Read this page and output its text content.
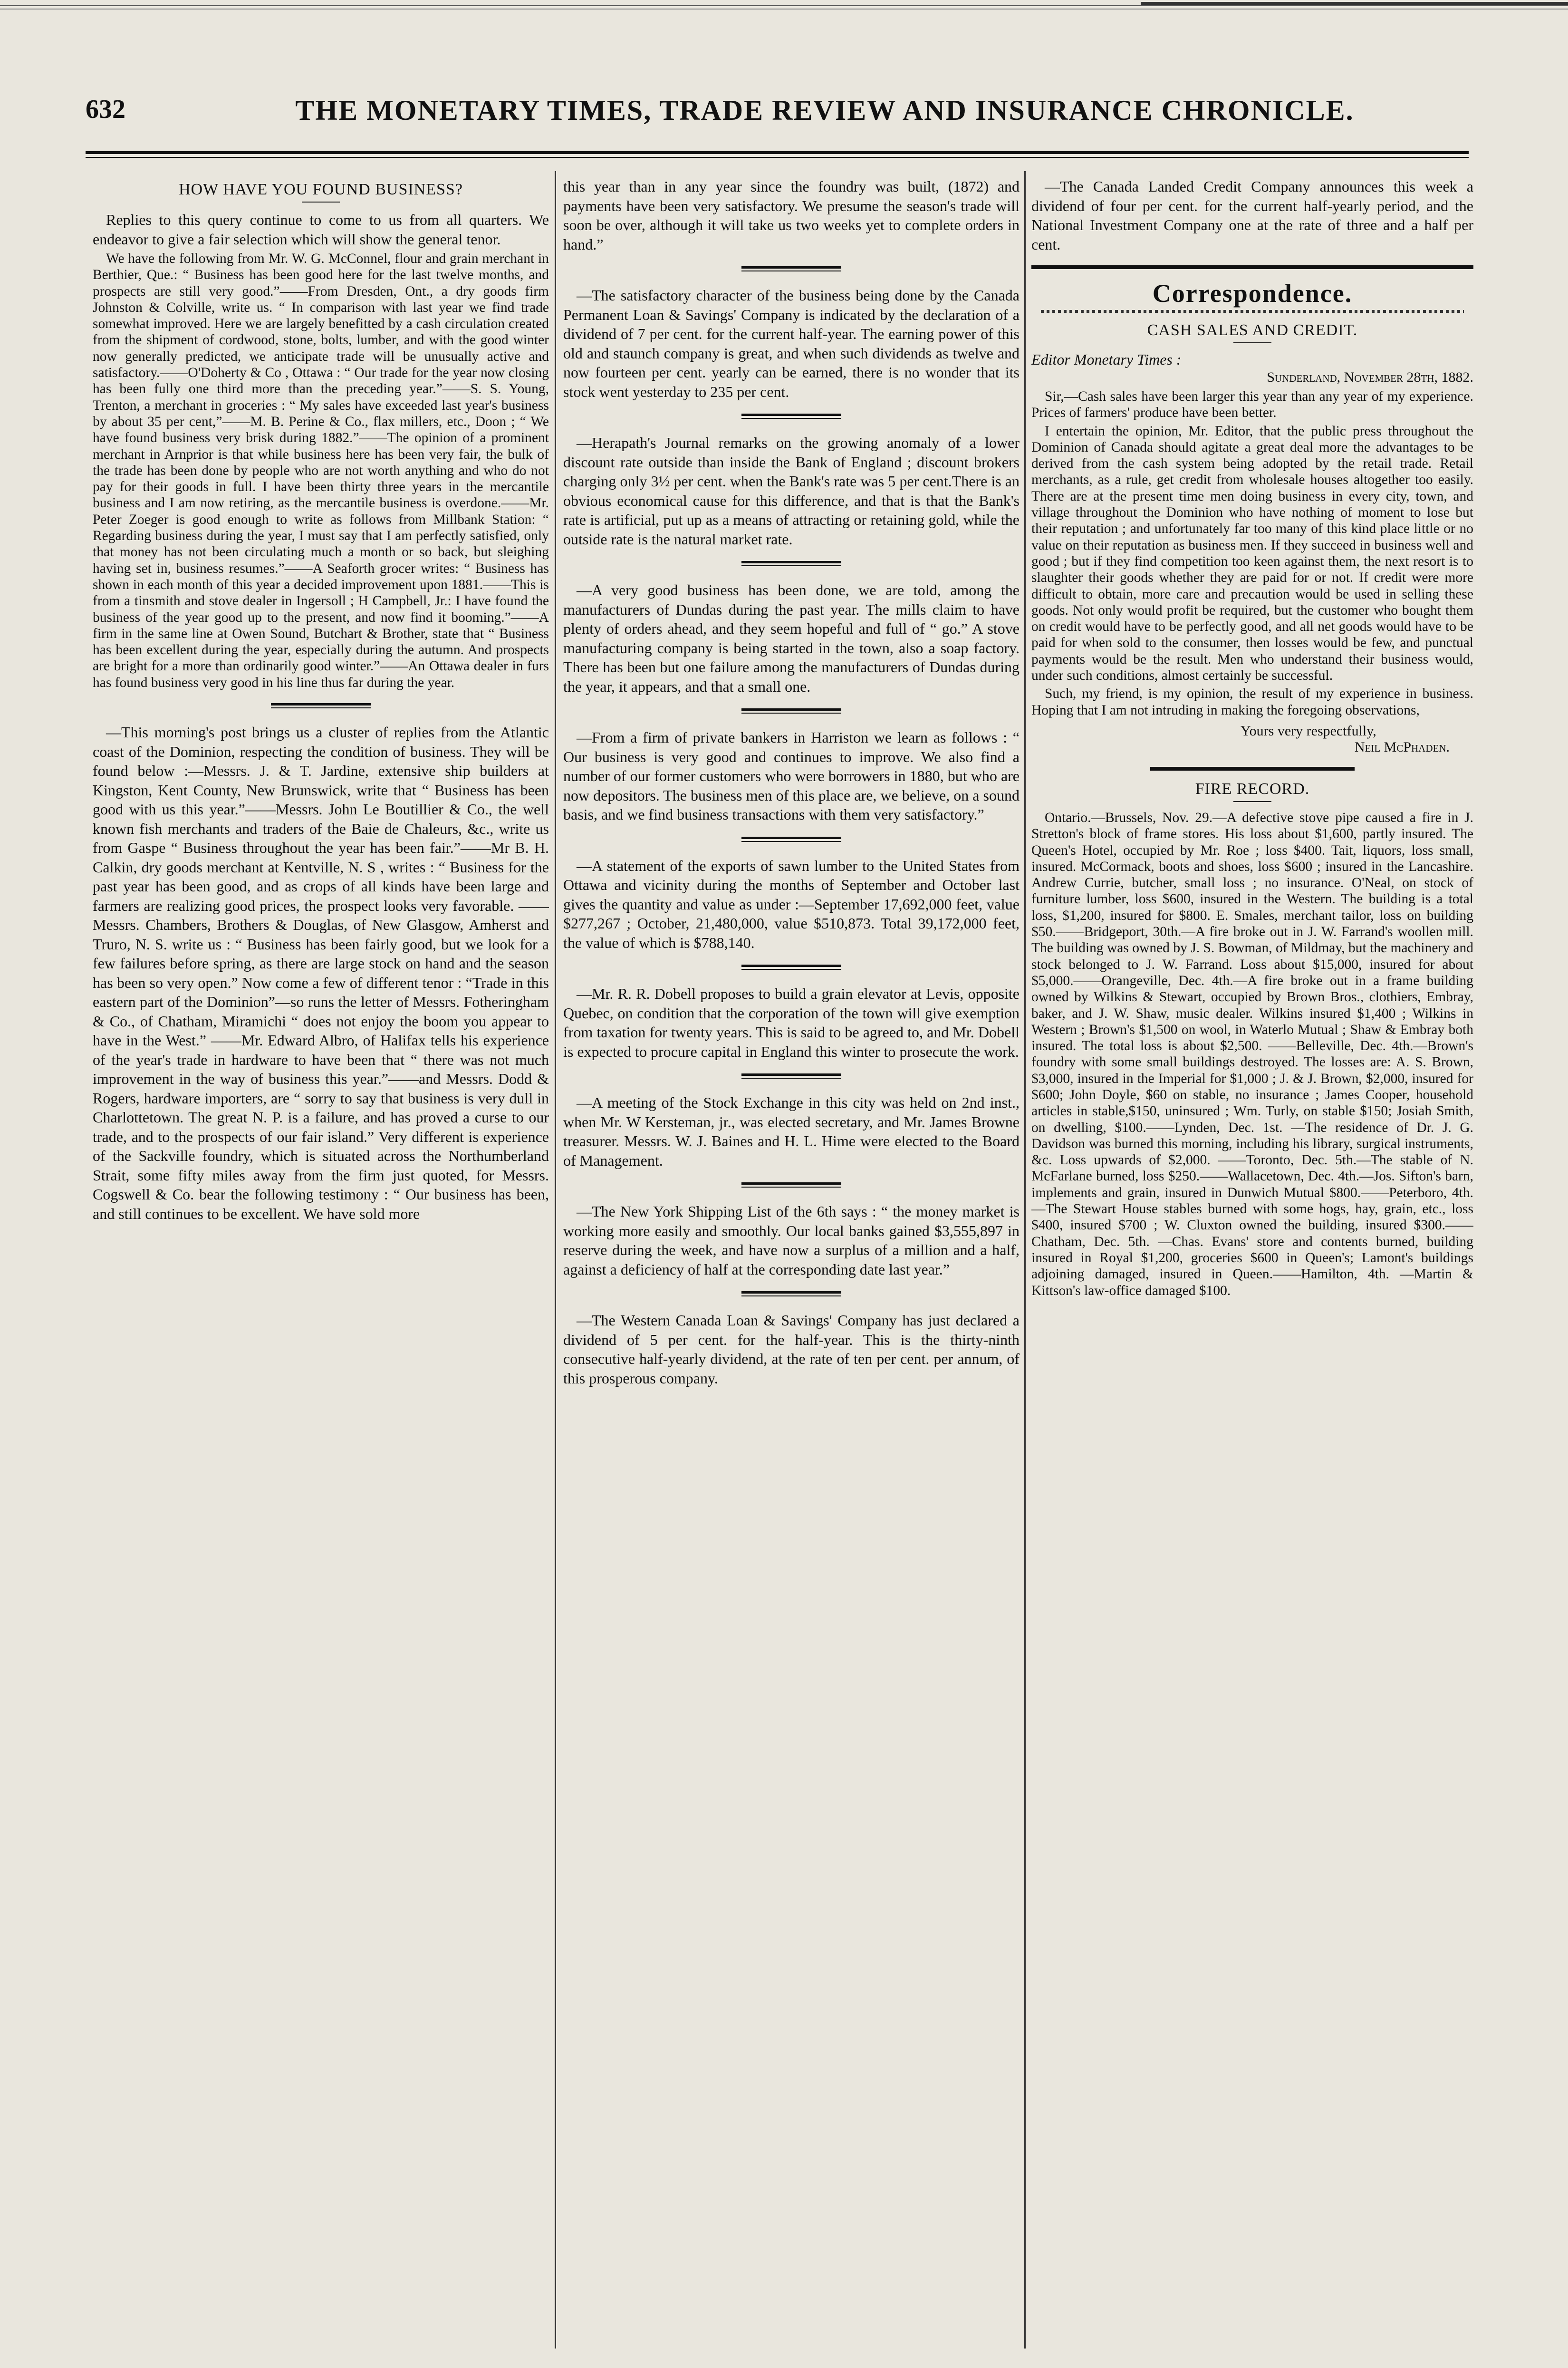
632	THE MONETARY TIMES, TRADE REVIEW AND INSURANCE CHRONICLE.
HOW HAVE YOU FOUND BUSINESS?

Replies to this query continue to come to us from all quarters. We endeavor to give a fair selection which will show the general tenor.

We have the following from Mr. W. G. McConnel, flour and grain merchant in Berthier, Que.: “ Business has been good here for the last twelve months, and prospects are still very good.”——From Dresden, Ont., a dry goods firm Johnston & Colville, write us. “ In comparison with last year we find trade somewhat improved. Here we are largely benefitted by a cash circulation created from the shipment of cordwood, stone, bolts, lumber, and with the good winter now generally predicted, we anticipate trade will be unusually active and satisfactory.——O'Doherty & Co , Ottawa : “ Our trade for the year now closing has been fully one third more than the preceding year.”——S. S. Young, Trenton, a merchant in groceries : “ My sales have exceeded last year's business by about 35 per cent,”——M. B. Perine & Co., flax millers, etc., Doon ; “ We have found business very brisk during 1882.”——The opinion of a prominent merchant in Arnprior is that while business here has been very fair, the bulk of the trade has been done by people who are not worth anything and who do not pay for their goods in full. I have been thirty three years in the mercantile business and I am now retiring, as the mercantile business is overdone.——Mr. Peter Zoeger is good enough to write as follows from Millbank Station: “ Regarding business during the year, I must say that I am perfectly satisfied, only that money has not been circulating much a month or so back, but sleighing having set in, business resumes.”——A Seaforth grocer writes: “ Business has shown in each month of this year a decided improvement upon 1881.——This is from a tinsmith and stove dealer in Ingersoll ; H Campbell, Jr.: I have found the business of the year good up to the present, and now find it booming.”——A firm in the same line at Owen Sound, Butchart & Brother, state that “ Business has been excellent during the year, especially during the autumn. And prospects are bright for a more than ordinarily good winter.”——An Ottawa dealer in furs has found business very good in his line thus far during the year.

—This morning's post brings us a cluster of replies from the Atlantic coast of the Dominion, respecting the condition of business. They will be found below :—Messrs. J. & T. Jardine, extensive ship builders at Kingston, Kent County, New Brunswick, write that “ Business has been good with us this year.”——Messrs. John Le Boutillier & Co., the well known fish merchants and traders of the Baie de Chaleurs, &c., write us from Gaspe “ Business throughout the year has been fair.”——Mr B. H. Calkin, dry goods merchant at Kentville, N. S , writes : “ Business for the past year has been good, and as crops of all kinds have been large and farmers are realizing good prices, the prospect looks very favorable. ——Messrs. Chambers, Brothers & Douglas, of New Glasgow, Amherst and Truro, N. S. write us : “ Business has been fairly good, but we look for a few failures before spring, as there are large stock on hand and the season has been so very open.” Now come a few of different tenor : “Trade in this eastern part of the Dominion”—so runs the letter of Messrs. Fotheringham & Co., of Chatham, Miramichi “ does not enjoy the boom you appear to have in the West.” ——Mr. Edward Albro, of Halifax tells his experience of the year's trade in hardware to have been that “ there was not much improvement in the way of business this year.”——and Messrs. Dodd & Rogers, hardware importers, are “ sorry to say that business is very dull in Charlottetown. The great N. P. is a failure, and has proved a curse to our trade, and to the prospects of our fair island.” Very different is experience of the Sackville foundry, which is situated across the Northumberland Strait, some fifty miles away from the firm just quoted, for Messrs. Cogswell & Co. bear the following testimony : “ Our business has been, and still continues to be excellent. We have sold more

this year than in any year since the foundry was built, (1872) and payments have been very satisfactory. We presume the season's trade will soon be over, although it will take us two weeks yet to complete orders in hand.”

—The satisfactory character of the business being done by the Canada Permanent Loan & Savings' Company is indicated by the declaration of a dividend of 7 per cent. for the current half-year. The earning power of this old and staunch company is great, and when such dividends as twelve and now fourteen per cent. yearly can be earned, there is no wonder that its stock went yesterday to 235 per cent.

—Herapath's Journal remarks on the growing anomaly of a lower discount rate outside than inside the Bank of England ; discount brokers charging only 3½ per cent. when the Bank's rate was 5 per cent.There is an obvious economical cause for this difference, and that is that the Bank's rate is artificial, put up as a means of attracting or retaining gold, while the outside rate is the natural market rate.

—A very good business has been done, we are told, among the manufacturers of Dundas during the past year. The mills claim to have plenty of orders ahead, and they seem hopeful and full of “ go.” A stove manufacturing company is being started in the town, also a soap factory. There has been but one failure among the manufacturers of Dundas during the year, it appears, and that a small one.

—From a firm of private bankers in Harriston we learn as follows : “ Our business is very good and continues to improve. We also find a number of our former customers who were borrowers in 1880, but who are now depositors. The business men of this place are, we believe, on a sound basis, and we find business transactions with them very satisfactory.”

—A statement of the exports of sawn lumber to the United States from Ottawa and vicinity during the months of September and October last gives the quantity and value as under :—September 17,692,000 feet, value $277,267 ; October, 21,480,000, value $510,873. Total 39,172,000 feet, the value of which is $788,140.

—Mr. R. R. Dobell proposes to build a grain elevator at Levis, opposite Quebec, on condition that the corporation of the town will give exemption from taxation for twenty years. This is said to be agreed to, and Mr. Dobell is expected to procure capital in England this winter to prosecute the work.

—A meeting of the Stock Exchange in this city was held on 2nd inst., when Mr. W Kersteman, jr., was elected secretary, and Mr. James Browne treasurer. Messrs. W. J. Baines and H. L. Hime were elected to the Board of Management.

—The New York Shipping List of the 6th says : “ the money market is working more easily and smoothly. Our local banks gained $3,555,897 in reserve during the week, and have now a surplus of a million and a half, against a deficiency of half at the corresponding date last year.”

—The Western Canada Loan & Savings' Company has just declared a dividend of 5 per cent. for the half-year. This is the thirty-ninth consecutive half-yearly dividend, at the rate of ten per cent. per annum, of this prosperous company.

—The Canada Landed Credit Company announces this week a dividend of four per cent. for the current half-yearly period, and the National Investment Company one at the rate of three and a half per cent.

Correspondence.
CASH SALES AND CREDIT.
Editor Monetary Times :
Sunderland, November 28th, 1882.

Sir,—Cash sales have been larger this year than any year of my experience. Prices of farmers' produce have been better.

I entertain the opinion, Mr. Editor, that the public press throughout the Dominion of Canada should agitate a great deal more the advantages to be derived from the cash system being adopted by the retail trade. Retail merchants, as a rule, get credit from wholesale houses altogether too easily. There are at the present time men doing business in every city, town, and village throughout the Dominion who have nothing of moment to lose but their reputation ; and unfortunately far too many of this kind place little or no value on their reputation as business men. If they succeed in business well and good ; but if they find competition too keen against them, the next resort is to slaughter their goods whether they are paid for or not. If credit were more difficult to obtain, more care and precaution would be used in selling these goods. Not only would profit be required, but the customer who bought them on credit would have to be perfectly good, and all net goods would have to be paid for when sold to the consumer, then losses would be few, and punctual payments would be the result. Men who understand their business would, under such conditions, almost certainly be successful.

Such, my friend, is my opinion, the result of my experience in business. Hoping that I am not intruding in making the foregoing observations,

Yours very respectfully,
Neil McPhaden.
FIRE RECORD.

Ontario.—Brussels, Nov. 29.—A defective stove pipe caused a fire in J. Stretton's block of frame stores. His loss about $1,600, partly insured. The Queen's Hotel, occupied by Mr. Roe ; loss $400. Tait, liquors, loss small, insured. McCormack, boots and shoes, loss $600 ; insured in the Lancashire. Andrew Currie, butcher, small loss ; no insurance. O'Neal, on stock of furniture lumber, loss $600, insured in the Western. The building is a total loss, $1,200, insured for $800. E. Smales, merchant tailor, loss on building $50.——Bridgeport, 30th.—A fire broke out in J. W. Farrand's woollen mill. The building was owned by J. S. Bowman, of Mildmay, but the machinery and stock belonged to J. W. Farrand. Loss about $15,000, insured for about $5,000.——Orangeville, Dec. 4th.—A fire broke out in a frame building owned by Wilkins & Stewart, occupied by Brown Bros., clothiers, Embray, baker, and J. W. Shaw, music dealer. Wilkins insured $1,400 ; Wilkins in Western ; Brown's $1,500 on wool, in Waterlo Mutual ; Shaw & Embray both insured. The total loss is about $2,500. ——Belleville, Dec. 4th.—Brown's foundry with some small buildings destroyed. The losses are: A. S. Brown, $3,000, insured in the Imperial for $1,000 ; J. & J. Brown, $2,000, insured for $600; John Doyle, $60 on stable, no insurance ; James Cooper, household articles in stable,$150, uninsured ; Wm. Turly, on stable $150; Josiah Smith, on dwelling, $100.——Lynden, Dec. 1st. —The residence of Dr. J. G. Davidson was burned this morning, including his library, surgical instruments, &c. Loss upwards of $2,000. ——Toronto, Dec. 5th.—The stable of N. McFarlane burned, loss $250.——Wallacetown, Dec. 4th.—Jos. Sifton's barn, implements and grain, insured in Dunwich Mutual $800.——Peterboro, 4th.—The Stewart House stables burned with some hogs, hay, grain, etc., loss $400, insured $700 ; W. Cluxton owned the building, insured $300.——Chatham, Dec. 5th. —Chas. Evans' store and contents burned, building insured in Royal $1,200, groceries $600 in Queen's; Lamont's buildings adjoining damaged, insured in Queen.——Hamilton, 4th. —Martin & Kittson's law-office damaged $100.
